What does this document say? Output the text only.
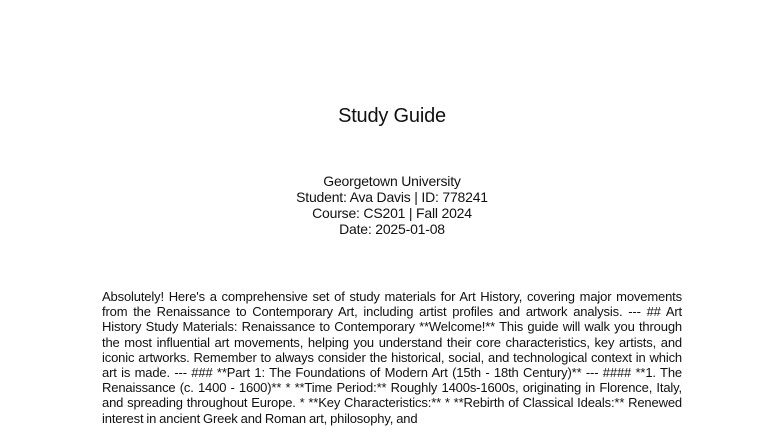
Study Guide
Georgetown University
Student: Ava Davis | ID: 778241
Course: CS201 | Fall 2024
Date: 2025-01-08
Absolutely! Here's a comprehensive set of study materials for Art History, covering major movements from the Renaissance to Contemporary Art, including artist profiles and artwork analysis. --- ## Art History Study Materials: Renaissance to Contemporary **Welcome!** This guide will walk you through the most influential art movements, helping you understand their core characteristics, key artists, and iconic artworks. Remember to always consider the historical, social, and technological context in which art is made. --- ### **Part 1: The Foundations of Modern Art (15th - 18th Century)** --- #### **1. The Renaissance (c. 1400 - 1600)** * **Time Period:** Roughly 1400s-1600s, originating in Florence, Italy, and spreading throughout Europe. * **Key Characteristics:** * **Rebirth of Classical Ideals:** Renewed interest in ancient Greek and Roman art, philosophy, and
